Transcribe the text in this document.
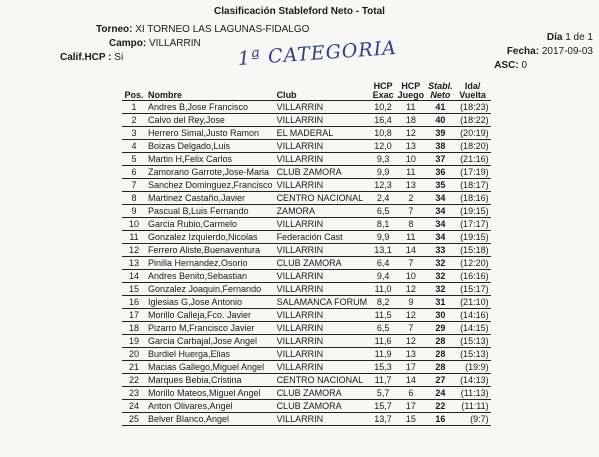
Clasificación Stableford Neto - Total
Torneo: XI TORNEO LAS LAGUNAS-FIDALGO
Campo: VILLARRIN
Calif.HCP : Si
Día 1 de 1
Fecha: 2017-09-03
ASC: 0
1ª CATEGORIA
Pos.	Nombre	Club	HCP Exac	HCP Juego	Stabl. Neto	Ida/ Vuelta
1	Andres B,Jose Francisco	VILLARRIN	10,2	11	41	(18:23)
2	Calvo del Rey,Jose	VILLARRIN	16,4	18	40	(18:22)
3	Herrero Simal,Justo Ramon	EL MADERAL	10,8	12	39	(20:19)
4	Boizas Delgado,Luis	VILLARRIN	12,0	13	38	(18:20)
5	Martin H,Felix Carlos	VILLARRIN	9,3	10	37	(21:16)
6	Zamorano Garrote,Jose-Maria	CLUB ZAMORA	9,9	11	36	(17:19)
7	Sanchez Dominguez,Francisco	VILLARRIN	12,3	13	35	(18:17)
8	Martinez Castaño,Javier	CENTRO NACIONAL	2,4	2	34	(18:16)
9	Pascual B,Luis Fernando	ZAMORA	6,5	7	34	(19:15)
10	Garcia Rubio,Carmelo	VILLARRIN	8,1	8	34	(17:17)
11	Gonzalez Izquierdo,Nicolas	Federación Cast	9,9	11	34	(19:15)
12	Ferrero Aliste,Buenaventura	VILLARRIN	13,1	14	33	(15:18)
13	Pinilla Hernandez,Osorio	CLUB ZAMORA	6,4	7	32	(12:20)
14	Andres Benito,Sebastian	VILLARRIN	9,4	10	32	(16:16)
15	Gonzalez Joaquin,Fernando	VILLARRIN	11,0	12	32	(15:17)
16	Iglesias G,Jose Antonio	SALAMANCA FORUM	8,2	9	31	(21:10)
17	Morillo Calleja,Fco. Javier	VILLARRIN	11,5	12	30	(14:16)
18	Pizarro M,Francisco Javier	VILLARRIN	6,5	7	29	(14:15)
19	Garcia Carbajal,Jose Angel	VILLARRIN	11,6	12	28	(15:13)
20	Burdiel Huerga,Elias	VILLARRIN	11,9	13	28	(15:13)
21	Macias Gallego,Miguel Angel	VILLARRIN	15,3	17	28	(19:9)
22	Marques Bebia,Cristina	CENTRO NACIONAL	11,7	14	27	(14:13)
23	Morillo Mateos,Miguel Angel	CLUB ZAMORA	5,7	6	24	(11:13)
24	Anton Olivares,Angel	CLUB ZAMORA	15,7	17	22	(11:11)
25	Belver Blanco,Angel	VILLARRIN	13,7	15	16	(9:7)
